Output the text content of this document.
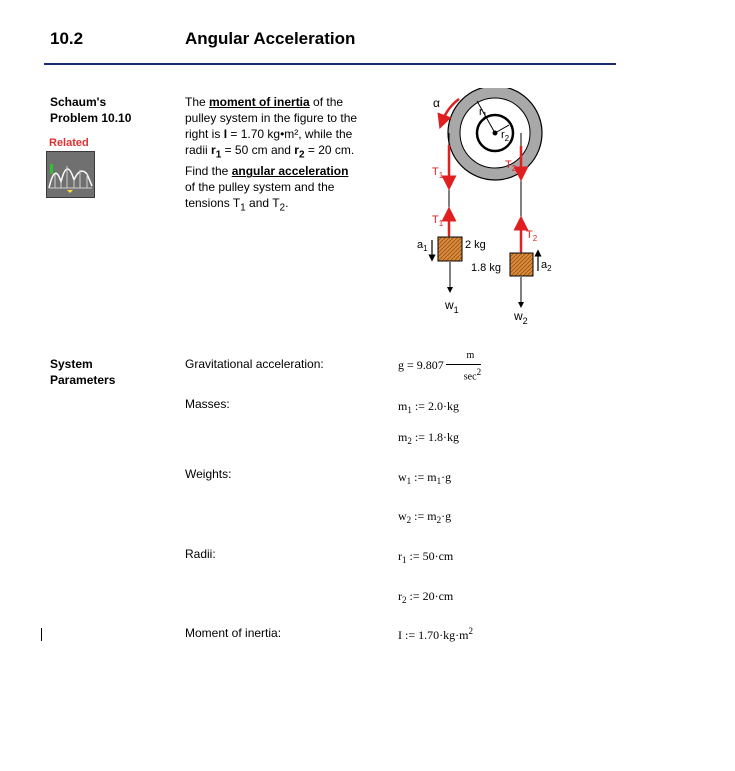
10.2	Angular Acceleration
Schaum's
Problem 10.10
Related
The moment of inertia of the pulley system in the figure to the right is I = 1.70 kg•m², while the radii $r_1 = 50$ cm and $r_2 = 20$ cm. Find the angular acceleration of the pulley system and the tensions $T_1$ and $T_2$.
$r_1$
$r_2$
α
$T_1$
$T_2$
$T_1$
$T_2$
2 kg
1.8 kg
$a_1$
$a_2$
$w_1$	$w_2$
System
Parameters
Gravitational acceleration:	$g = 9.807 \frac{m}{\sec^2}$
Masses:	$m_1$ := 2.0·kg
$m_2$ := 1.8·kg
Weights:	$w_1$ := $m_1\cdot g$
$w_2$ := $m_2\cdot g$
Radii:	$r_1$ := 50·cm
$r_2$ := 20·cm
Moment of inertia:	I := $1.70\cdot kg\cdot m^2$
